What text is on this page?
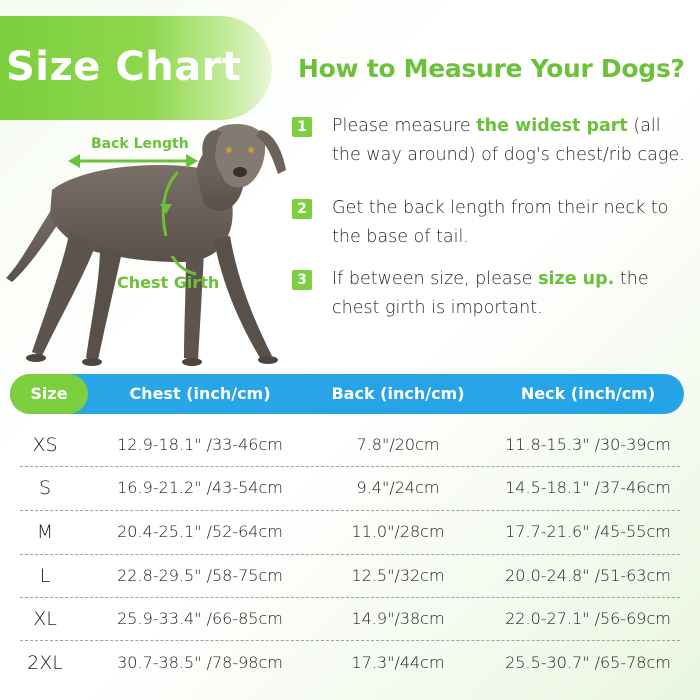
Size Chart How to Measure Your Dogs?
1 Please measure the widest part (all the way around) of dog's chest/rib cage.
2 Get the back length from their neck to the base of tail.
3 If between size, please size up. the chest girth is important.
Back Length
Chest Girth
Size	Chest (inch/cm)	Back (inch/cm)	Neck (inch/cm)
XS	12.9-18.1" /33-46cm	7.8"/20cm	11.8-15.3" /30-39cm
S	16.9-21.2" /43-54cm	9.4"/24cm	14.5-18.1" /37-46cm
M	20.4-25.1" /52-64cm	11.0"/28cm	17.7-21.6" /45-55cm
L	22.8-29.5" /58-75cm	12.5"/32cm	20.0-24.8" /51-63cm
XL	25.9-33.4" /66-85cm	14.9"/38cm	22.0-27.1" /56-69cm
2XL	30.7-38.5" /78-98cm	17.3"/44cm	25.5-30.7" /65-78cm
